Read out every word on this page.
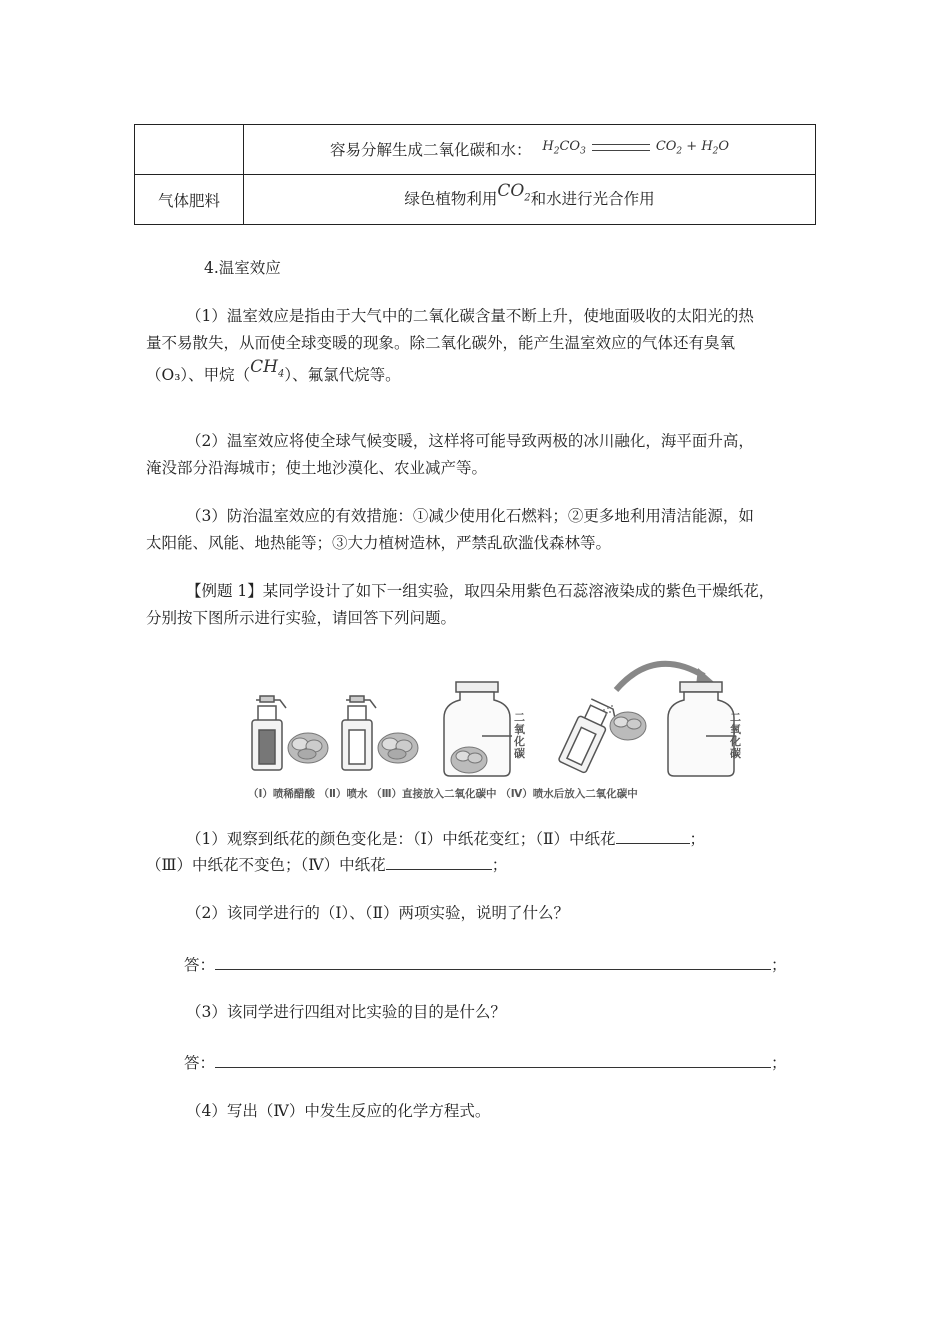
	容易分解生成二氧化碳和水： $H_2CO_3$ $CO_2 + H_2O$

气体肥料	绿色植物利用$CO_2$和水进行光合作用
4.温室效应
（1）温室效应是指由于大气中的二氧化碳含量不断上升，使地面吸收的太阳光的热
量不易散失，从而使全球变暖的现象。除二氧化碳外，能产生温室效应的气体还有臭氧
（O₃）、甲烷$(CH_4)$、氟氯代烷等。
（2）温室效应将使全球气候变暖，这样将可能导致两极的冰川融化，海平面升高，
淹没部分沿海城市；使土地沙漠化、农业减产等。
（3）防治温室效应的有效措施：①减少使用化石燃料；②更多地利用清洁能源，如
太阳能、风能、地热能等；③大力植树造林，严禁乱砍滥伐森林等。
【例题 1】某同学设计了如下一组实验，取四朵用紫色石蕊溶液染成的紫色干燥纸花，
分别按下图所示进行实验，请回答下列问题。
二氧化碳
二氧化碳
（Ⅰ）喷稀醋酸 （Ⅱ）喷水 （Ⅲ）直接放入二氧化碳中 （Ⅳ）喷水后放入二氧化碳中
（1）观察到纸花的颜色变化是：（Ⅰ）中纸花变红；（Ⅱ）中纸花	；
（Ⅲ）中纸花不变色；（Ⅳ）中纸花	；
（2）该同学进行的（Ⅰ）、（Ⅱ）两项实验，说明了什么？
答：	；
（3）该同学进行四组对比实验的目的是什么？
答：	；
（4）写出（Ⅳ）中发生反应的化学方程式。
